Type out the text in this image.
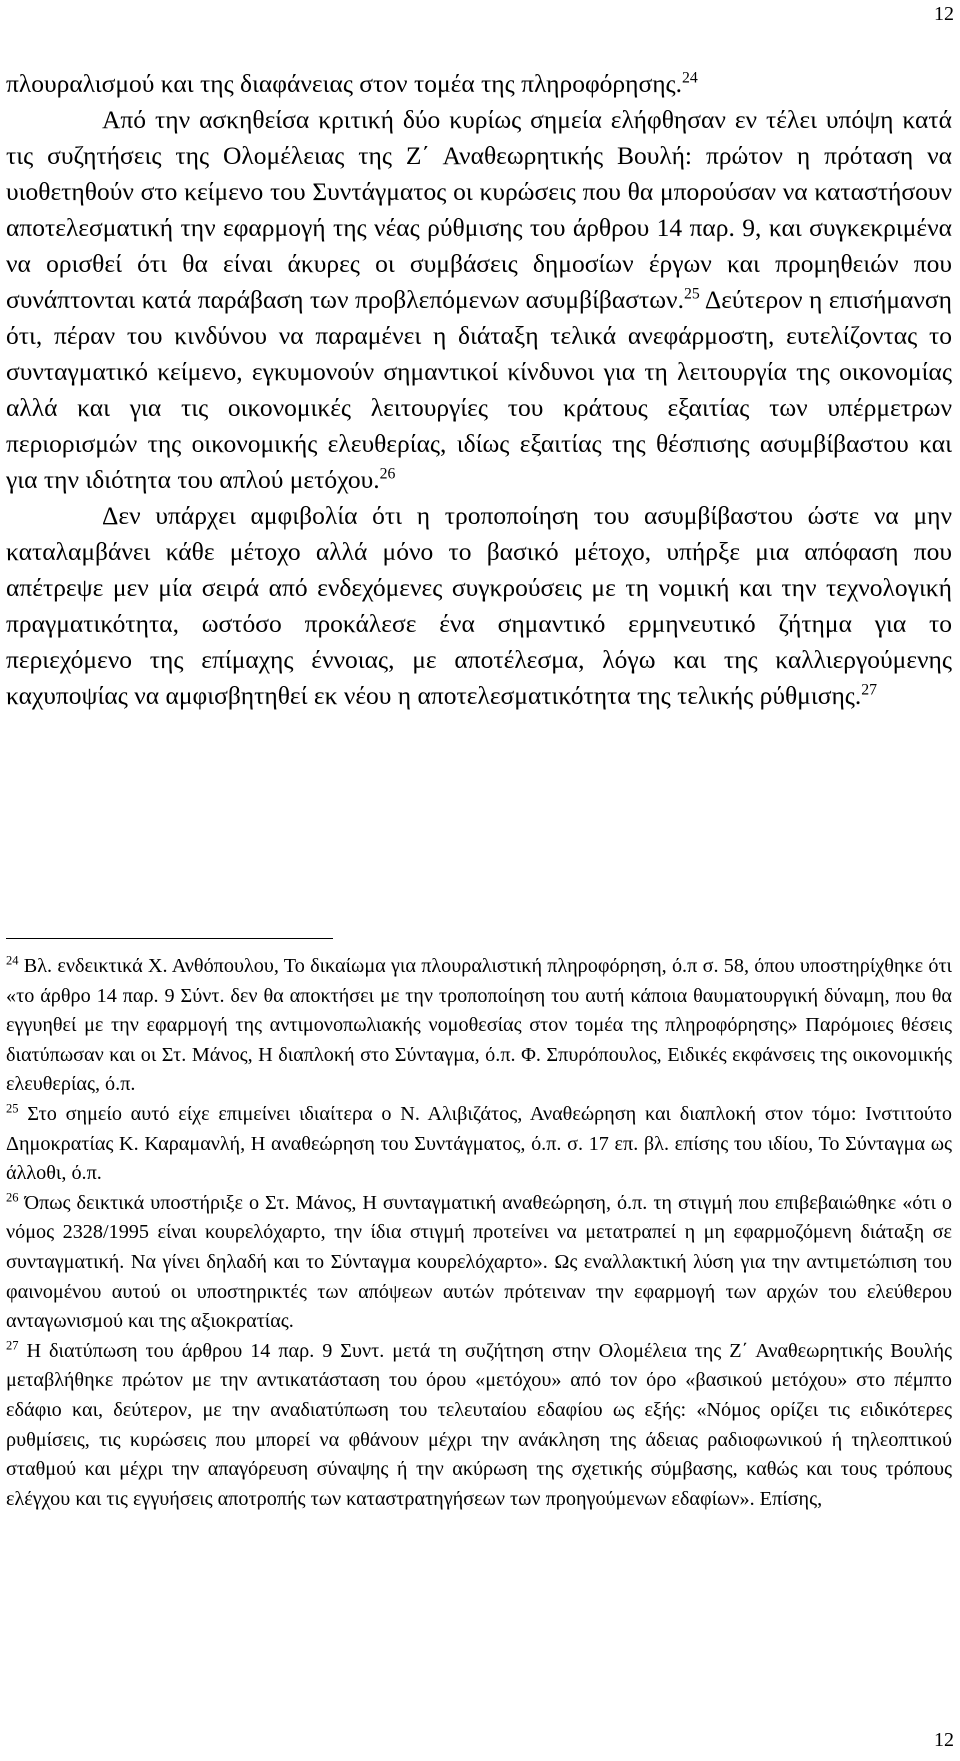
12

πλουραλισμού και της διαφάνειας στον τομέα της πληροφόρησης.$^{24}$

Από την ασκηθείσα κριτική δύο κυρίως σημεία ελήφθησαν εν τέλει υπόψη κατά τις συζητήσεις της Ολομέλειας της Ζ΄ Αναθεωρητικής Βουλή: πρώτον η πρόταση να υιοθετηθούν στο κείμενο του Συντάγματος οι κυρώσεις που θα μπορούσαν να καταστήσουν αποτελεσματική την εφαρμογή της νέας ρύθμισης του άρθρου 14 παρ. 9, και συγκεκριμένα να ορισθεί ότι θα είναι άκυρες οι συμβάσεις δημοσίων έργων και προμηθειών που συνάπτονται κατά παράβαση των προβλεπόμενων ασυμβίβαστων.$^{25}$ Δεύτερον η επισήμανση ότι, πέραν του κινδύνου να παραμένει η διάταξη τελικά ανεφάρμοστη, ευτελίζοντας το συνταγματικό κείμενο, εγκυμονούν σημαντικοί κίνδυνοι για τη λειτουργία της οικονομίας αλλά και για τις οικονομικές λειτουργίες του κράτους εξαιτίας των υπέρμετρων περιορισμών της οικονομικής ελευθερίας, ιδίως εξαιτίας της θέσπισης ασυμβίβαστου και για την ιδιότητα του απλού μετόχου.$^{26}$

Δεν υπάρχει αμφιβολία ότι η τροποποίηση του ασυμβίβαστου ώστε να μην καταλαμβάνει κάθε μέτοχο αλλά μόνο το βασικό μέτοχο, υπήρξε μια απόφαση που απέτρεψε μεν μία σειρά από ενδεχόμενες συγκρούσεις με τη νομική και την τεχνολογική πραγματικότητα, ωστόσο προκάλεσε ένα σημαντικό ερμηνευτικό ζήτημα για το περιεχόμενο της επίμαχης έννοιας, με αποτέλεσμα, λόγω και της καλλιεργούμενης καχυποψίας να αμφισβητηθεί εκ νέου η αποτελεσματικότητα της τελικής ρύθμισης.$^{27}$

$^{24}$ Βλ. ενδεικτικά Χ. Ανθόπουλου, Το δικαίωμα για πλουραλιστική πληροφόρηση, ό.π σ. 58, όπου υποστηρίχθηκε ότι «το άρθρο 14 παρ. 9 Σύντ. δεν θα αποκτήσει με την τροποποίηση του αυτή κάποια θαυματουργική δύναμη, που θα εγγυηθεί με την εφαρμογή της αντιμονοπωλιακής νομοθεσίας στον τομέα της πληροφόρησης» Παρόμοιες θέσεις διατύπωσαν και οι Στ. Μάνος, Η διαπλοκή στο Σύνταγμα, ό.π. Φ. Σπυρόπουλος, Ειδικές εκφάνσεις της οικονομικής ελευθερίας, ό.π.

$^{25}$ Στο σημείο αυτό είχε επιμείνει ιδιαίτερα ο Ν. Αλιβιζάτος, Αναθεώρηση και διαπλοκή στον τόμο: Ινστιτούτο Δημοκρατίας Κ. Καραμανλή, Η αναθεώρηση του Συντάγματος, ό.π. σ. 17 επ. βλ. επίσης του ιδίου, Το Σύνταγμα ως άλλοθι, ό.π.

$^{26}$ Όπως δεικτικά υποστήριξε ο Στ. Μάνος, Η συνταγματική αναθεώρηση, ό.π. τη στιγμή που επιβεβαιώθηκε «ότι ο νόμος 2328/1995 είναι κουρελόχαρτο, την ίδια στιγμή προτείνει να μετατραπεί η μη εφαρμοζόμενη διάταξη σε συνταγματική. Να γίνει δηλαδή και το Σύνταγμα κουρελόχαρτο». Ως εναλλακτική λύση για την αντιμετώπιση του φαινομένου αυτού οι υποστηρικτές των απόψεων αυτών πρότειναν την εφαρμογή των αρχών του ελεύθερου ανταγωνισμού και της αξιοκρατίας.

$^{27}$ Η διατύπωση του άρθρου 14 παρ. 9 Συντ. μετά τη συζήτηση στην Ολομέλεια της Ζ΄ Αναθεωρητικής Βουλής μεταβλήθηκε πρώτον με την αντικατάσταση του όρου «μετόχου» από τον όρο «βασικού μετόχου» στο πέμπτο εδάφιο και, δεύτερον, με την αναδιατύπωση του τελευταίου εδαφίου ως εξής: «Νόμος ορίζει τις ειδικότερες ρυθμίσεις, τις κυρώσεις που μπορεί να φθάνουν μέχρι την ανάκληση της άδειας ραδιοφωνικού ή τηλεοπτικού σταθμού και μέχρι την απαγόρευση σύναψης ή την ακύρωση της σχετικής σύμβασης, καθώς και τους τρόπους ελέγχου και τις εγγυήσεις αποτροπής των καταστρατηγήσεων των προηγούμενων εδαφίων». Επίσης,

12
